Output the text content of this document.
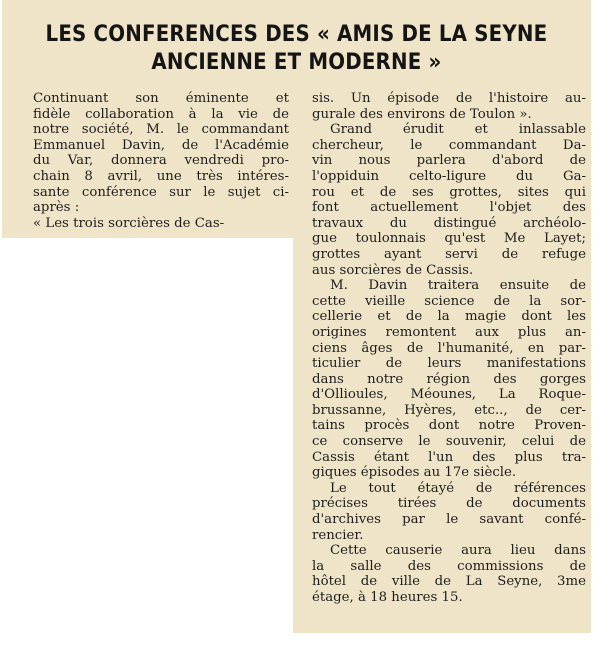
LES CONFERENCES DES « AMIS DE LA SEYNE
ANCIENNE ET MODERNE »
Continuant son éminente et
fidèle collaboration à la vie de
notre société, M. le commandant
Emmanuel Davin, de l'Académie
du Var, donnera vendredi pro-
chain 8 avril, une très intéres-
sante conférence sur le sujet ci-
après :
« Les trois sorcières de Cas-
sis. Un épisode de l'histoire au-
gurale des environs de Toulon ».
Grand érudit et inlassable
chercheur, le commandant Da-
vin nous parlera d'abord de
l'oppiduin celto-ligure du Ga-
rou et de ses grottes, sites qui
font actuellement l'objet des
travaux du distingué archéolo-
gue toulonnais qu'est Me Layet;
grottes ayant servi de refuge
aus sorcières de Cassis.
M. Davin traitera ensuite de
cette vieille science de la sor-
cellerie et de la magie dont les
origines remontent aux plus an-
ciens âges de l'humanité, en par-
ticulier de leurs manifestations
dans notre région des gorges
d'Ollioules, Méounes, La Roque-
brussanne, Hyères, etc.., de cer-
tains procès dont notre Proven-
ce conserve le souvenir, celui de
Cassis étant l'un des plus tra-
giques épisodes au 17e siècle.
Le tout étayé de références
précises tirées de documents
d'archives par le savant confé-
rencier.
Cette causerie aura lieu dans
la salle des commissions de
hôtel de ville de La Seyne, 3me
étage, à 18 heures 15.
